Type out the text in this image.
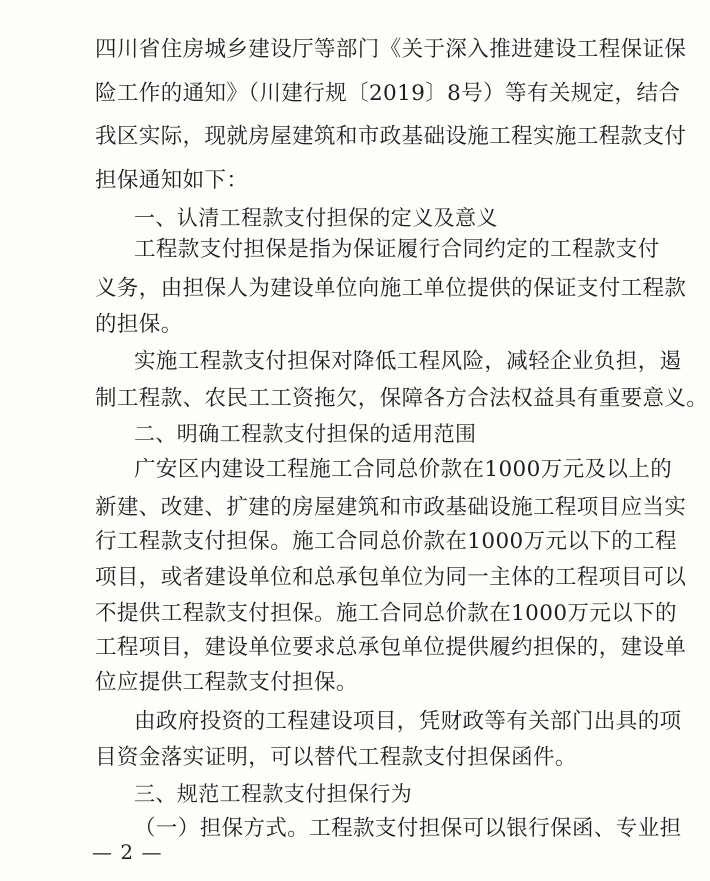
四川省住房城乡建设厅等部门《关于深入推进建设工程保证保
险工作的通知》（川建行规〔2019〕8号）等有关规定，结合
我区实际，现就房屋建筑和市政基础设施工程实施工程款支付
担保通知如下：
一、认清工程款支付担保的定义及意义
工程款支付担保是指为保证履行合同约定的工程款支付
义务，由担保人为建设单位向施工单位提供的保证支付工程款
的担保。
实施工程款支付担保对降低工程风险，减轻企业负担，遏
制工程款、农民工工资拖欠，保障各方合法权益具有重要意义。
二、明确工程款支付担保的适用范围
广安区内建设工程施工合同总价款在1000万元及以上的
新建、改建、扩建的房屋建筑和市政基础设施工程项目应当实
行工程款支付担保。施工合同总价款在1000万元以下的工程
项目，或者建设单位和总承包单位为同一主体的工程项目可以
不提供工程款支付担保。施工合同总价款在1000万元以下的
工程项目，建设单位要求总承包单位提供履约担保的，建设单
位应提供工程款支付担保。
由政府投资的工程建设项目，凭财政等有关部门出具的项
目资金落实证明，可以替代工程款支付担保函件。
三、规范工程款支付担保行为
（一）担保方式。工程款支付担保可以银行保函、专业担
— 2 —
